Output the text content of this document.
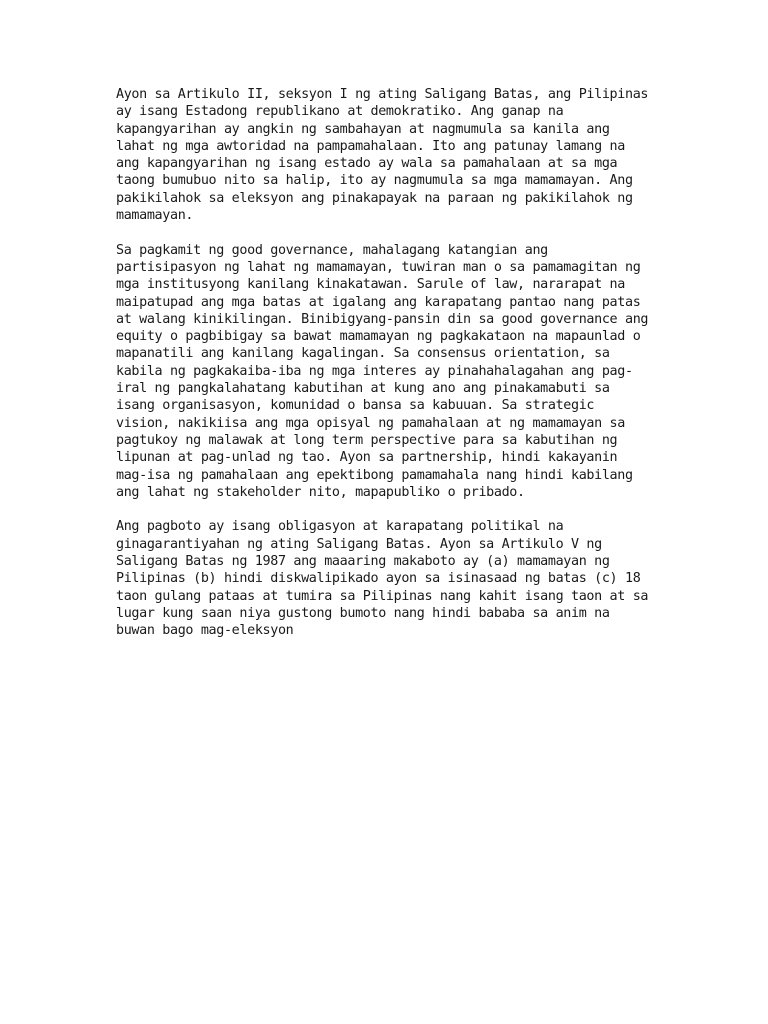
Ayon sa Artikulo II, seksyon I ng ating Saligang Batas, ang Pilipinas
ay isang Estadong republikano at demokratiko. Ang ganap na
kapangyarihan ay angkin ng sambahayan at nagmumula sa kanila ang
lahat ng mga awtoridad na pampamahalaan. Ito ang patunay lamang na
ang kapangyarihan ng isang estado ay wala sa pamahalaan at sa mga
taong bumubuo nito sa halip, ito ay nagmumula sa mga mamamayan. Ang
pakikilahok sa eleksyon ang pinakapayak na paraan ng pakikilahok ng
mamamayan.

Sa pagkamit ng good governance, mahalagang katangian ang
partisipasyon ng lahat ng mamamayan, tuwiran man o sa pamamagitan ng
mga institusyong kanilang kinakatawan. Sarule of law, nararapat na
maipatupad ang mga batas at igalang ang karapatang pantao nang patas
at walang kinikilingan. Binibigyang-pansin din sa good governance ang
equity o pagbibigay sa bawat mamamayan ng pagkakataon na mapaunlad o
mapanatili ang kanilang kagalingan. Sa consensus orientation, sa
kabila ng pagkakaiba-iba ng mga interes ay pinahahalagahan ang pag-
iral ng pangkalahatang kabutihan at kung ano ang pinakamabuti sa
isang organisasyon, komunidad o bansa sa kabuuan. Sa strategic
vision, nakikiisa ang mga opisyal ng pamahalaan at ng mamamayan sa
pagtukoy ng malawak at long term perspective para sa kabutihan ng
lipunan at pag-unlad ng tao. Ayon sa partnership, hindi kakayanin
mag-isa ng pamahalaan ang epektibong pamamahala nang hindi kabilang
ang lahat ng stakeholder nito, mapapubliko o pribado.

Ang pagboto ay isang obligasyon at karapatang politikal na
ginagarantiyahan ng ating Saligang Batas. Ayon sa Artikulo V ng
Saligang Batas ng 1987 ang maaaring makaboto ay (a) mamamayan ng
Pilipinas (b) hindi diskwalipikado ayon sa isinasaad ng batas (c) 18
taon gulang pataas at tumira sa Pilipinas nang kahit isang taon at sa
lugar kung saan niya gustong bumoto nang hindi bababa sa anim na
buwan bago mag-eleksyon
